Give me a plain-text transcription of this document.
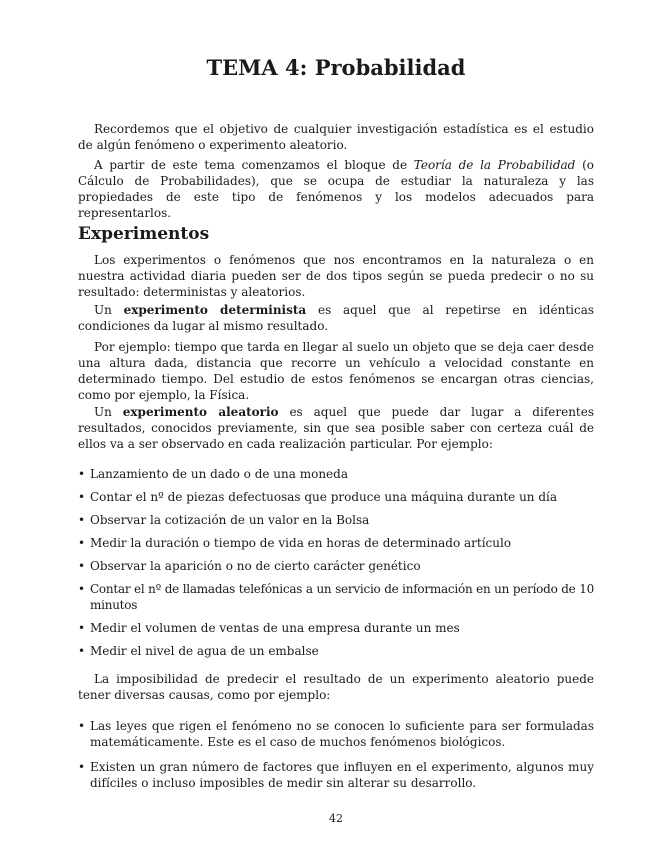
TEMA 4: Probabilidad

Recordemos que el objetivo de cualquier investigación estadística es el estudio de algún fenómeno o experimento aleatorio.

A partir de este tema comenzamos el bloque de Teoría de la Probabilidad (o Cálculo de Probabilidades), que se ocupa de estudiar la naturaleza y las propiedades de este tipo de fenómenos y los modelos adecuados para representarlos.

Experimentos

Los experimentos o fenómenos que nos encontramos en la naturaleza o en nuestra actividad diaria pueden ser de dos tipos según se pueda predecir o no su resultado: deterministas y aleatorios.

Un experimento determinista es aquel que al repetirse en idénticas condiciones da lugar al mismo resultado.

Por ejemplo: tiempo que tarda en llegar al suelo un objeto que se deja caer desde una altura dada, distancia que recorre un vehículo a velocidad constante en determinado tiempo. Del estudio de estos fenómenos se encargan otras ciencias, como por ejemplo, la Física.

Un experimento aleatorio es aquel que puede dar lugar a diferentes resultados, conocidos previamente, sin que sea posible saber con certeza cuál de ellos va a ser observado en cada realización particular. Por ejemplo:

• Lanzamiento de un dado o de una moneda
• Contar el nº de piezas defectuosas que produce una máquina durante un día
• Observar la cotización de un valor en la Bolsa
• Medir la duración o tiempo de vida en horas de determinado artículo
• Observar la aparición o no de cierto carácter genético
• Contar el nº de llamadas telefónicas a un servicio de información en un período de 10 minutos
• Medir el volumen de ventas de una empresa durante un mes
• Medir el nivel de agua de un embalse

La imposibilidad de predecir el resultado de un experimento aleatorio puede tener diversas causas, como por ejemplo:

• Las leyes que rigen el fenómeno no se conocen lo suficiente para ser formuladas matemáticamente. Este es el caso de muchos fenómenos biológicos.
• Existen un gran número de factores que influyen en el experimento, algunos muy difíciles o incluso imposibles de medir sin alterar su desarrollo.
42
